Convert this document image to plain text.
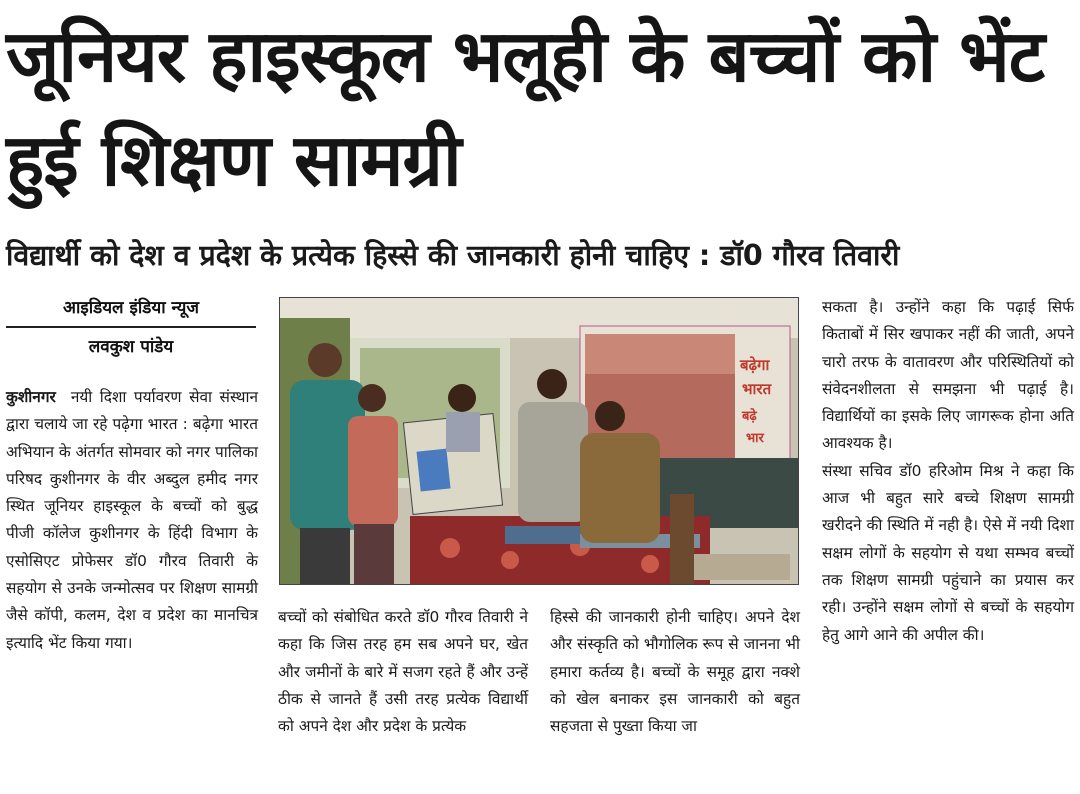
जूनियर हाइस्कूल भलूही के बच्चों को भेंट हुई शिक्षण सामग्री
विद्यार्थी को देश व प्रदेश के प्रत्येक हिस्से की जानकारी होनी चाहिए : डॉ0 गौरव तिवारी
आइडियल इंडिया न्यूज
लवकुश पांडेय

कुशीनगर नयी दिशा पर्यावरण सेवा संस्थान द्वारा चलाये जा रहे पढ़ेगा भारत : बढ़ेगा भारत अभियान के अंतर्गत सोमवार को नगर पालिका परिषद कुशीनगर के वीर अब्दुल हमीद नगर स्थित जूनियर हाइस्कूल के बच्चों को बुद्ध पीजी कॉलेज कुशीनगर के हिंदी विभाग के एसोसिएट प्रोफेसर डॉ0 गौरव तिवारी के सहयोग से उनके जन्मोत्सव पर शिक्षण सामग्री जैसे कॉपी, कलम, देश व प्रदेश का मानचित्र इत्यादि भेंट किया गया।

बढ़ेगा
भारत
बढ़े
भार

बच्चों को संबोधित करते डॉ0 गौरव तिवारी ने कहा कि जिस तरह हम सब अपने घर, खेत और जमीनों के बारे में सजग रहते हैं और उन्हें ठीक से जानते हैं उसी तरह प्रत्येक विद्यार्थी को अपने देश और प्रदेश के प्रत्येक

हिस्से की जानकारी होनी चाहिए। अपने देश और संस्कृति को भौगोलिक रूप से जानना भी हमारा कर्तव्य है। बच्चों के समूह द्वारा नक्शे को खेल बनाकर इस जानकारी को बहुत सहजता से पुख्ता किया जा

सकता है। उन्होंने कहा कि पढ़ाई सिर्फ किताबों में सिर खपाकर नहीं की जाती, अपने चारो तरफ के वातावरण और परिस्थितियों को संवेदनशीलता से समझना भी पढ़ाई है। विद्यार्थियों का इसके लिए जागरूक होना अति आवश्यक है।

संस्था सचिव डॉ0 हरिओम मिश्र ने कहा कि आज भी बहुत सारे बच्चे शिक्षण सामग्री खरीदने की स्थिति में नही है। ऐसे में नयी दिशा सक्षम लोगों के सहयोग से यथा सम्भव बच्चों तक शिक्षण सामग्री पहुंचाने का प्रयास कर रही। उन्होंने सक्षम लोगों से बच्चों के सहयोग हेतु आगे आने की अपील की।
